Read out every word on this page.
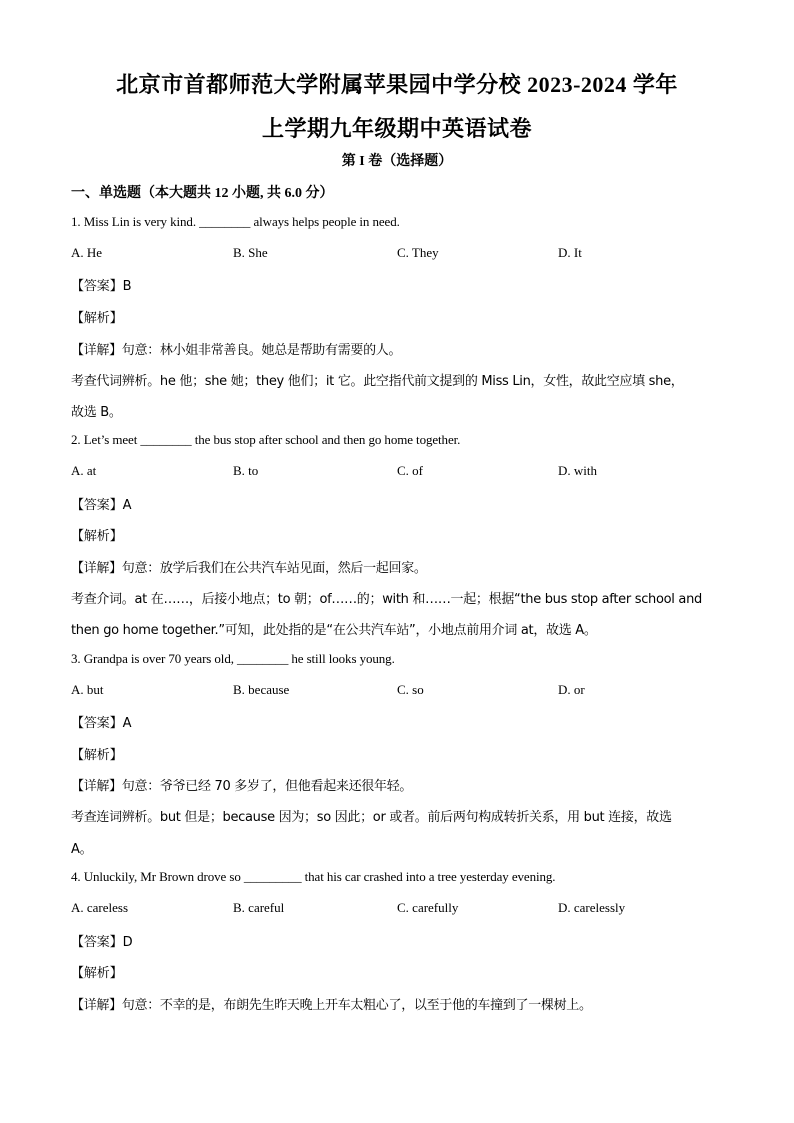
北京市首都师范大学附属苹果园中学分校 2023-2024 学年
上学期九年级期中英语试卷
第 I 卷（选择题）
一、单选题（本大题共 12 小题, 共 6.0 分）
1. Miss Lin is very kind. ________ always helps people in need.
A. He	B. She	C. They	D. It
【答案】B
【解析】
【详解】句意：林小姐非常善良。她总是帮助有需要的人。
考查代词辨析。he 他；she 她；they 他们；it 它。此空指代前文提到的 Miss Lin，女性，故此空应填 she，
故选 B。
2. Let’s meet ________ the bus stop after school and then go home together.
A. at	B. to	C. of	D. with
【答案】A
【解析】
【详解】句意：放学后我们在公共汽车站见面，然后一起回家。
考查介词。at 在……，后接小地点；to 朝；of……的；with 和……一起；根据“the bus stop after school and
then go home together.”可知，此处指的是“在公共汽车站”，小地点前用介词 at，故选 A。
3. Grandpa is over 70 years old, ________ he still looks young.
A. but	B. because	C. so	D. or
【答案】A
【解析】
【详解】句意：爷爷已经 70 多岁了，但他看起来还很年轻。
考查连词辨析。but 但是；because 因为；so 因此；or 或者。前后两句构成转折关系，用 but 连接，故选
A。
4. Unluckily, Mr Brown drove so _________ that his car crashed into a tree yesterday evening.
A. careless	B. careful	C. carefully	D. carelessly
【答案】D
【解析】
【详解】句意：不幸的是，布朗先生昨天晚上开车太粗心了，以至于他的车撞到了一棵树上。
